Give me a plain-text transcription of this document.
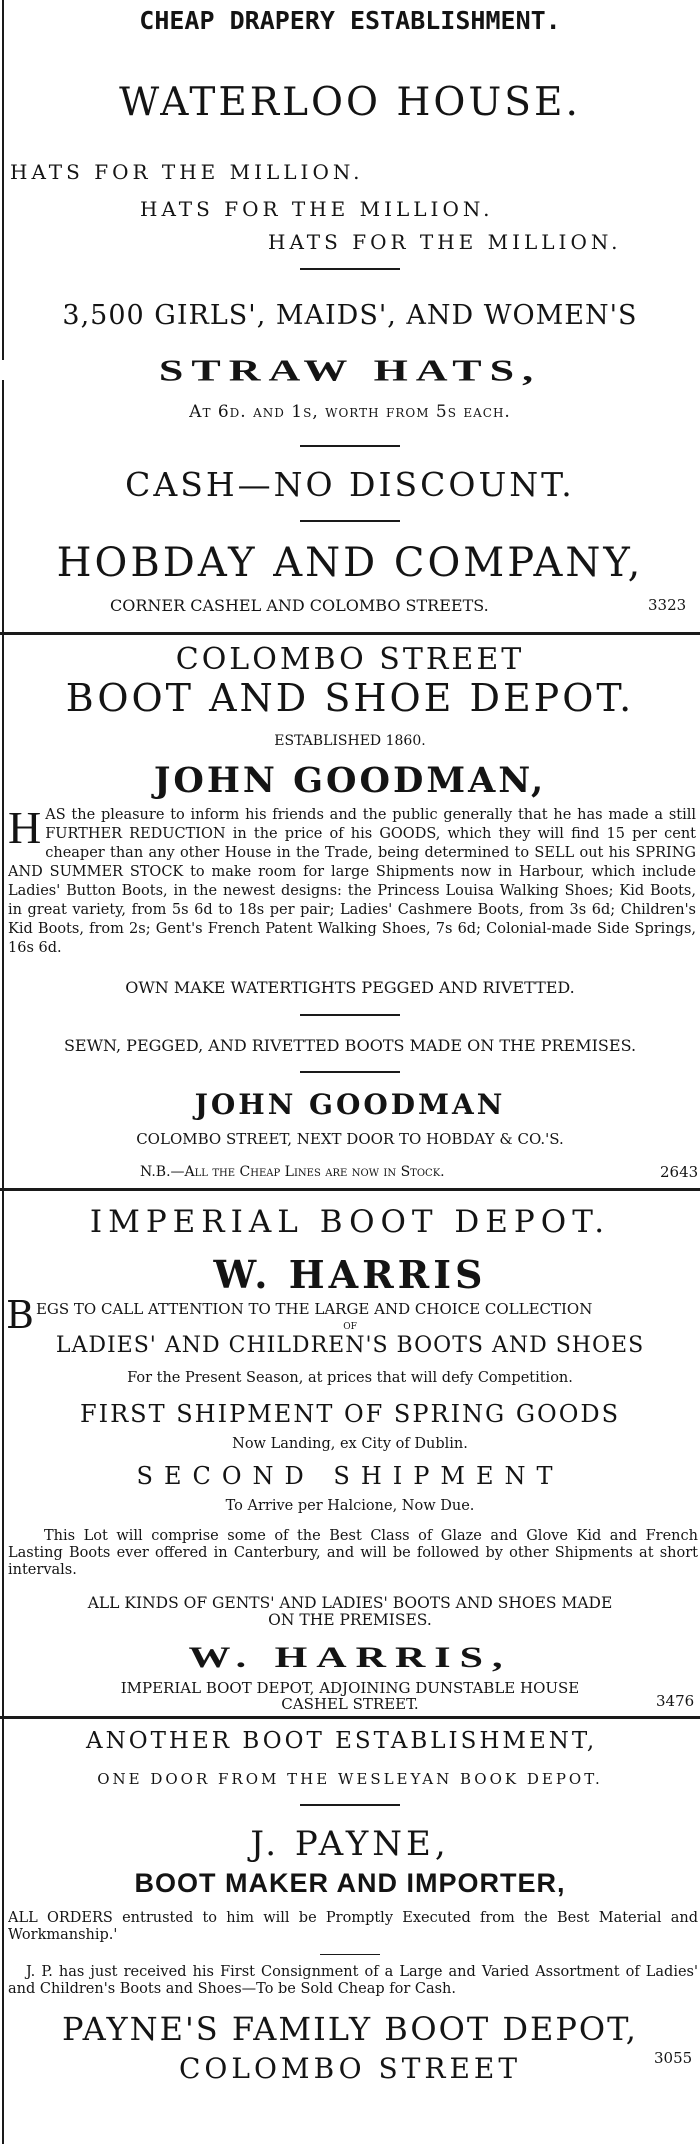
CHEAP DRAPERY ESTABLISHMENT.
WATERLOO HOUSE.
HATS FOR THE MILLION.
HATS FOR THE MILLION.
HATS FOR THE MILLION.
3,500 GIRLS', MAIDS', AND WOMEN'S
STRAW HATS,
At 6d. and 1s, worth from 5s each.
CASH—NO DISCOUNT.
HOBDAY AND COMPANY,
CORNER CASHEL AND COLOMBO STREETS.	3323
COLOMBO STREET
BOOT AND SHOE DEPOT.
ESTABLISHED 1860.
JOHN GOODMAN,
HAS the pleasure to inform his friends and the public generally that he has made a still FURTHER REDUCTION in the price of his GOODS, which they will find 15 per cent cheaper than any other House in the Trade, being determined to SELL out his SPRING AND SUMMER STOCK to make room for large Shipments now in Harbour, which include Ladies' Button Boots, in the newest designs: the Princess Louisa Walking Shoes; Kid Boots, in great variety, from 5s 6d to 18s per pair; Ladies' Cashmere Boots, from 3s 6d; Children's Kid Boots, from 2s; Gent's French Patent Walking Shoes, 7s 6d; Colonial-made Side Springs, 16s 6d.
OWN MAKE WATERTIGHTS PEGGED AND RIVETTED.
SEWN, PEGGED, AND RIVETTED BOOTS MADE ON THE PREMISES.
JOHN GOODMAN
COLOMBO STREET, NEXT DOOR TO HOBDAY & CO.'S.
N.B.—All the Cheap Lines are now in Stock.	2643
IMPERIAL BOOT DEPOT.
W. HARRIS
BEGS TO CALL ATTENTION TO THE LARGE AND CHOICE COLLECTION
OF
LADIES' AND CHILDREN'S BOOTS AND SHOES
For the Present Season, at prices that will defy Competition.
FIRST SHIPMENT OF SPRING GOODS
Now Landing, ex City of Dublin.
SECOND SHIPMENT
To Arrive per Halcione, Now Due.
This Lot will comprise some of the Best Class of Glaze and Glove Kid and French Lasting Boots ever offered in Canterbury, and will be followed by other Shipments at short intervals.
ALL KINDS OF GENTS' AND LADIES' BOOTS AND SHOES MADE
ON THE PREMISES.
W. HARRIS,
IMPERIAL BOOT DEPOT, ADJOINING DUNSTABLE HOUSE
CASHEL STREET.	3476
ANOTHER BOOT ESTABLISHMENT,
ONE DOOR FROM THE WESLEYAN BOOK DEPOT.
J. PAYNE,
BOOT MAKER AND IMPORTER,
ALL ORDERS entrusted to him will be Promptly Executed from the Best Material and Workmanship.'
J. P. has just received his First Consignment of a Large and Varied Assortment of Ladies' and Children's Boots and Shoes—To be Sold Cheap for Cash.
PAYNE'S FAMILY BOOT DEPOT,
COLOMBO STREET	3055
